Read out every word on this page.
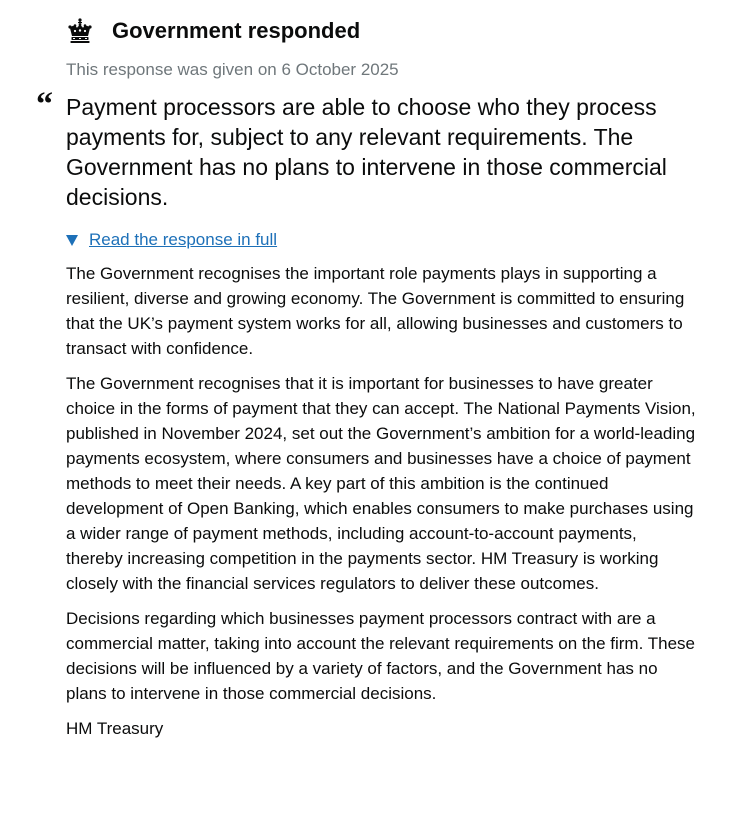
Government responded
This response was given on 6 October 2025
“ Payment processors are able to choose who they process payments for, subject to any relevant requirements. The Government has no plans to intervene in those commercial decisions.

Read the response in full

The Government recognises the important role payments plays in supporting a resilient, diverse and growing economy. The Government is committed to ensuring that the UK’s payment system works for all, allowing businesses and customers to transact with confidence.

The Government recognises that it is important for businesses to have greater choice in the forms of payment that they can accept. The National Payments Vision, published in November 2024, set out the Government’s ambition for a world-leading payments ecosystem, where consumers and businesses have a choice of payment methods to meet their needs. A key part of this ambition is the continued development of Open Banking, which enables consumers to make purchases using a wider range of payment methods, including account-to-account payments, thereby increasing competition in the payments sector. HM Treasury is working closely with the financial services regulators to deliver these outcomes.

Decisions regarding which businesses payment processors contract with are a commercial matter, taking into account the relevant requirements on the firm. These decisions will be influenced by a variety of factors, and the Government has no plans to intervene in those commercial decisions.

HM Treasury
